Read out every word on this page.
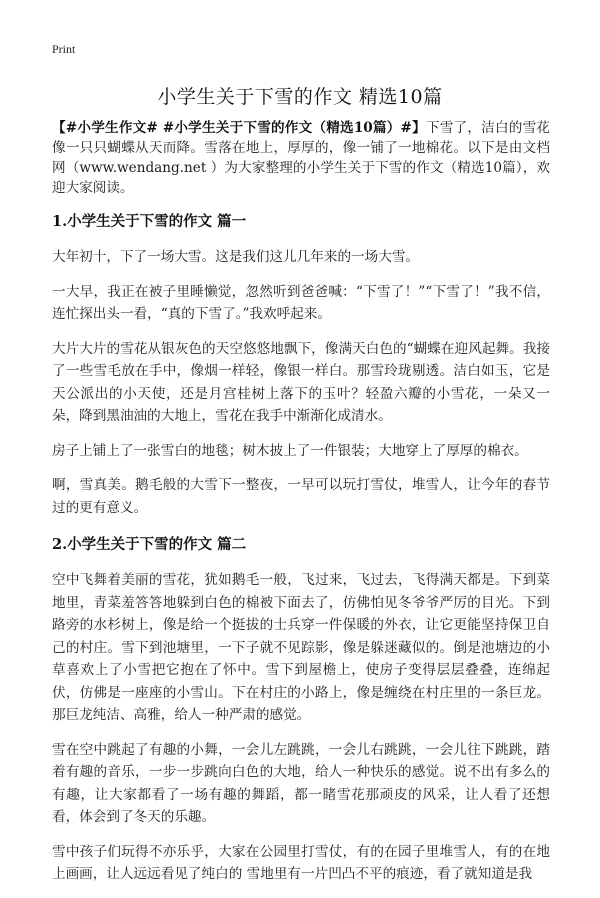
Print
小学生关于下雪的作文 精选10篇

【#小学生作文# #小学生关于下雪的作文（精选10篇）#】下雪了，洁白的雪花像一只只蝴蝶从天而降。雪落在地上，厚厚的，像一铺了一地棉花。以下是由文档网（www.wendang.net ）为大家整理的小学生关于下雪的作文（精选10篇），欢迎大家阅读。

1.小学生关于下雪的作文 篇一

大年初十，下了一场大雪。这是我们这儿几年来的一场大雪。

一大早，我正在被子里睡懒觉，忽然听到爸爸喊：“下雪了！”“下雪了！”我不信，连忙探出头一看，“真的下雪了。”我欢呼起来。

大片大片的雪花从银灰色的天空悠悠地飘下，像满天白色的“蝴蝶在迎风起舞。我接了一些雪毛放在手中，像烟一样轻，像银一样白。那雪玲珑剔透。洁白如玉，它是天公派出的小天使，还是月宫桂树上落下的玉叶？轻盈六瓣的小雪花，一朵又一朵，降到黑油油的大地上，雪花在我手中渐渐化成清水。

房子上铺上了一张雪白的地毯；树木披上了一件银装；大地穿上了厚厚的棉衣。

啊，雪真美。鹅毛般的大雪下一整夜，一早可以玩打雪仗，堆雪人，让今年的春节过的更有意义。

2.小学生关于下雪的作文 篇二

空中飞舞着美丽的雪花，犹如鹅毛一般，飞过来，飞过去，飞得满天都是。下到菜地里，青菜羞答答地躲到白色的棉被下面去了，仿佛怕见冬爷爷严厉的目光。下到路旁的水杉树上，像是给一个挺拔的士兵穿一件保暖的外衣，让它更能坚持保卫自己的村庄。雪下到池塘里，一下子就不见踪影，像是躲迷藏似的。倒是池塘边的小草喜欢上了小雪把它抱在了怀中。雪下到屋檐上，使房子变得层层叠叠，连绵起伏，仿佛是一座座的小雪山。下在村庄的小路上，像是缠绕在村庄里的一条巨龙。那巨龙纯洁、高雅，给人一种严肃的感觉。

雪在空中跳起了有趣的小舞，一会儿左跳跳，一会儿右跳跳，一会儿往下跳跳，踏着有趣的音乐，一步一步跳向白色的大地，给人一种快乐的感觉。说不出有多么的有趣，让大家都看了一场有趣的舞蹈，都一睹雪花那顽皮的风采，让人看了还想看，体会到了冬天的乐趣。

雪中孩子们玩得不亦乐乎，大家在公园里打雪仗，有的在园子里堆雪人，有的在地上画画，让人远远看见了纯白的 雪地里有一片凹凸不平的痕迹，看了就知道是我
